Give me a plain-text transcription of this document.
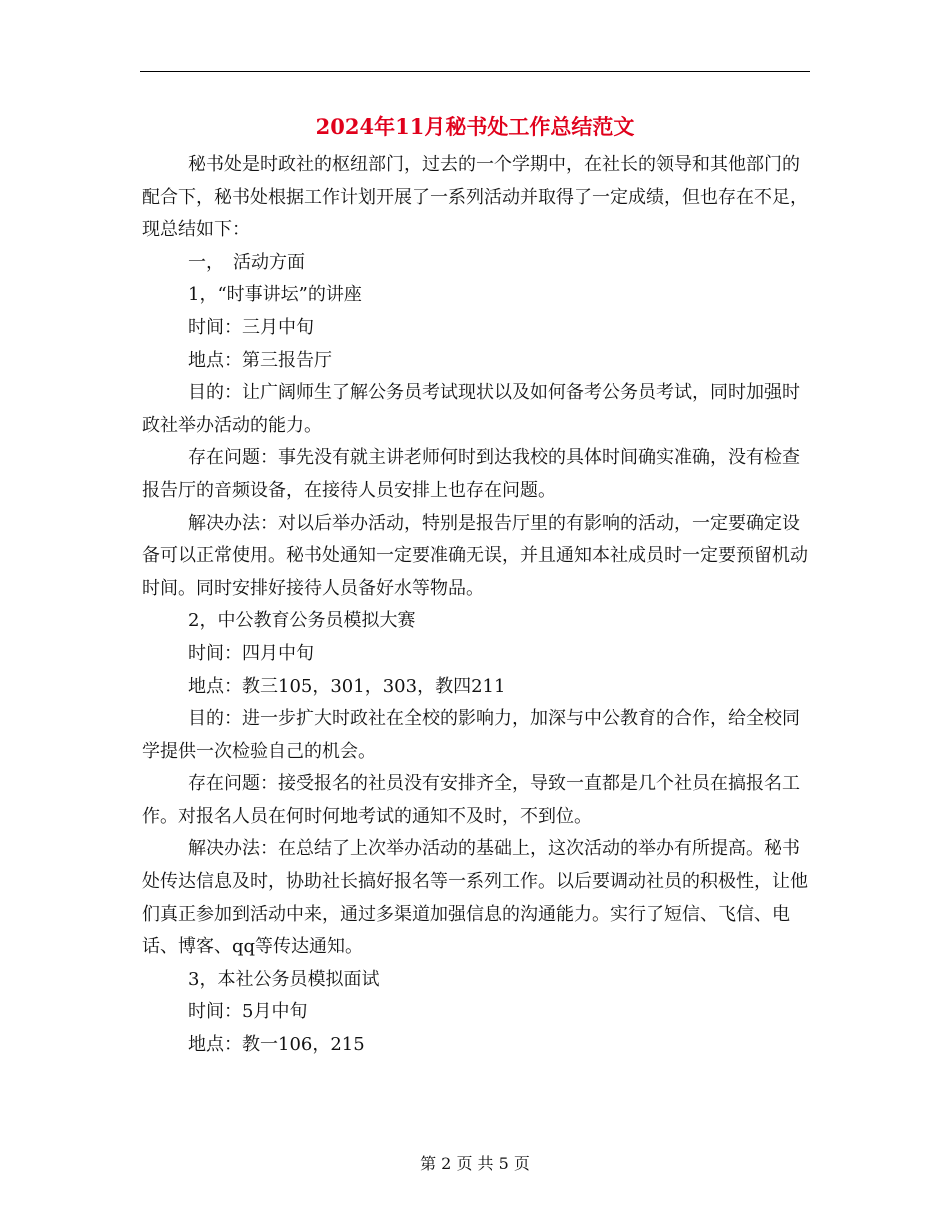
2024年11月秘书处工作总结范文

秘书处是时政社的枢纽部门，过去的一个学期中，在社长的领导和其他部门的配合下，秘书处根据工作计划开展了一系列活动并取得了一定成绩，但也存在不足，现总结如下：

一，　活动方面

1，“时事讲坛”的讲座

时间：三月中旬

地点：第三报告厅

目的：让广阔师生了解公务员考试现状以及如何备考公务员考试，同时加强时政社举办活动的能力。

存在问题：事先没有就主讲老师何时到达我校的具体时间确实准确，没有检查报告厅的音频设备，在接待人员安排上也存在问题。

解决办法：对以后举办活动，特别是报告厅里的有影响的活动，一定要确定设备可以正常使用。秘书处通知一定要准确无误，并且通知本社成员时一定要预留机动时间。同时安排好接待人员备好水等物品。

2，中公教育公务员模拟大赛

时间：四月中旬

地点：教三105，301，303，教四211

目的：进一步扩大时政社在全校的影响力，加深与中公教育的合作，给全校同学提供一次检验自己的机会。

存在问题：接受报名的社员没有安排齐全，导致一直都是几个社员在搞报名工作。对报名人员在何时何地考试的通知不及时，不到位。

解决办法：在总结了上次举办活动的基础上，这次活动的举办有所提高。秘书处传达信息及时，协助社长搞好报名等一系列工作。以后要调动社员的积极性，让他们真正参加到活动中来，通过多渠道加强信息的沟通能力。实行了短信、飞信、电话、博客、qq等传达通知。

3，本社公务员模拟面试

时间：5月中旬

地点：教一106，215

第 2 页 共 5 页
